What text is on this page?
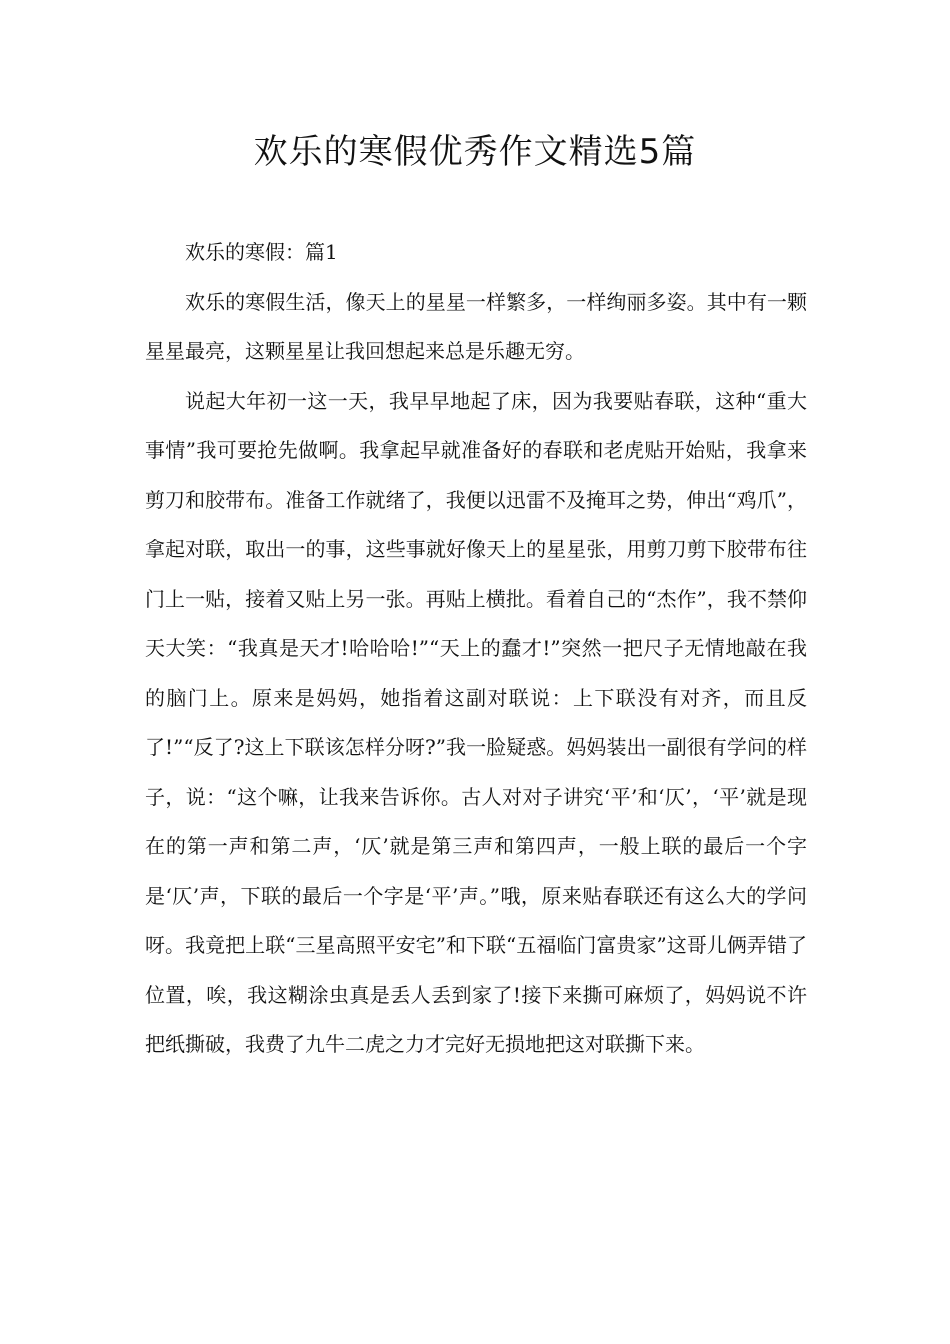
欢乐的寒假优秀作文精选5篇

欢乐的寒假：篇1

欢乐的寒假生活，像天上的星星一样繁多，一样绚丽多姿。其中有一颗星星最亮，这颗星星让我回想起来总是乐趣无穷。

说起大年初一这一天，我早早地起了床，因为我要贴春联，这种“重大事情”我可要抢先做啊。我拿起早就准备好的春联和老虎贴开始贴，我拿来剪刀和胶带布。准备工作就绪了，我便以迅雷不及掩耳之势，伸出“鸡爪”，拿起对联，取出一的事，这些事就好像天上的星星张，用剪刀剪下胶带布往门上一贴，接着又贴上另一张。再贴上横批。看着自己的“杰作”，我不禁仰天大笑：“我真是天才!哈哈哈!”“天上的蠢才!”突然一把尺子无情地敲在我的脑门上。原来是妈妈，她指着这副对联说：上下联没有对齐，而且反了!”“反了?这上下联该怎样分呀?”我一脸疑惑。妈妈装出一副很有学问的样子，说：“这个嘛，让我来告诉你。古人对对子讲究‘平’和‘仄’，‘平’就是现在的第一声和第二声，‘仄’就是第三声和第四声，一般上联的最后一个字是‘仄’声，下联的最后一个字是‘平’声。”哦，原来贴春联还有这么大的学问呀。我竟把上联“三星高照平安宅”和下联“五福临门富贵家”这哥儿俩弄错了位置，唉，我这糊涂虫真是丢人丢到家了!接下来撕可麻烦了，妈妈说不许把纸撕破，我费了九牛二虎之力才完好无损地把这对联撕下来。
